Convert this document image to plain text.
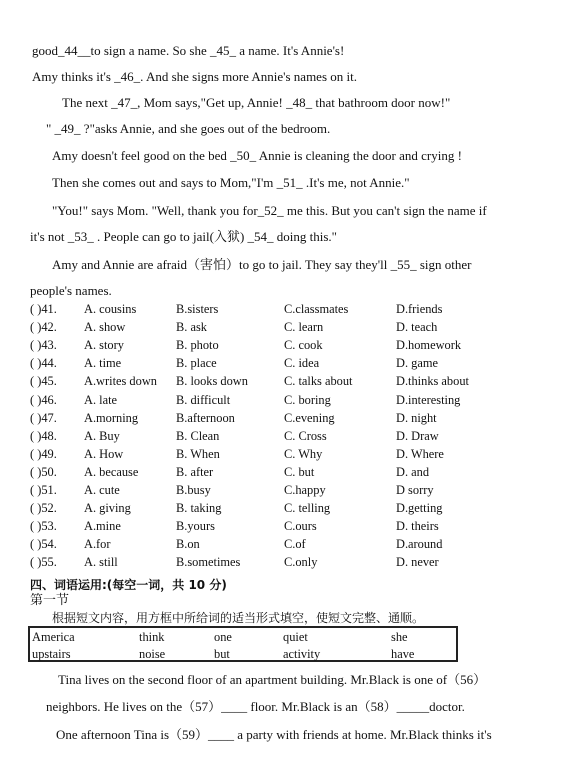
good_44__to sign a name. So she _45_ a name. It's Annie's!
Amy thinks it's _46_. And she signs more Annie's names on it.
The next _47_, Mom says,"Get up, Annie! _48_ that bathroom door now!"
" _49_ ?"asks Annie, and she goes out of the bedroom.
Amy doesn't feel good on the bed _50_ Annie is cleaning the door and crying !
Then she comes out and says to Mom,"I'm _51_ .It's me, not Annie."
"You!" says Mom. "Well, thank you for_52_ me this. But you can't sign the name if
it's not _53_ . People can go to jail(入狱) _54_ doing this."
Amy and Annie are afraid（害怕）to go to jail. They say they'll _55_ sign other
people's names.
( )41. A. cousins	B.sisters	C.classmates	D.friends
( )42. A. show	B. ask	C. learn	D. teach
( )43. A. story	B. photo	C. cook	D.homework
( )44. A. time	B. place	C. idea	D. game
( )45. A.writes down B. looks down	C. talks about	D.thinks about
( )46. A. late	B. difficult	C. boring	D.interesting
( )47. A.morning	B.afternoon	C.evening	D. night
( )48. A. Buy	B. Clean	C. Cross	D. Draw
( )49. A. How	B. When	C. Why	D. Where
( )50. A. because	B. after	C. but	D. and
( )51. A. cute	B.busy	C.happy	D sorry
( )52. A. giving	B. taking	C. telling	D.getting
( )53. A.mine	B.yours	C.ours	D. theirs
( )54. A.for	B.on	C.of	D.around
( )55. A. still	B.sometimes	C.only	D. never
四、词语运用:(每空一词，共 10 分)
第一节
根据短文内容，用方框中所给词的适当形式填空，使短文完整、通顺。
America	think	one	quiet	she
upstairs	noise	but	activity	have
Tina lives on the second floor of an apartment building. Mr.Black is one of（56）
neighbors. He lives on the（57）____ floor. Mr.Black is an（58）_____doctor.
One afternoon Tina is（59）____ a party with friends at home. Mr.Black thinks it's
